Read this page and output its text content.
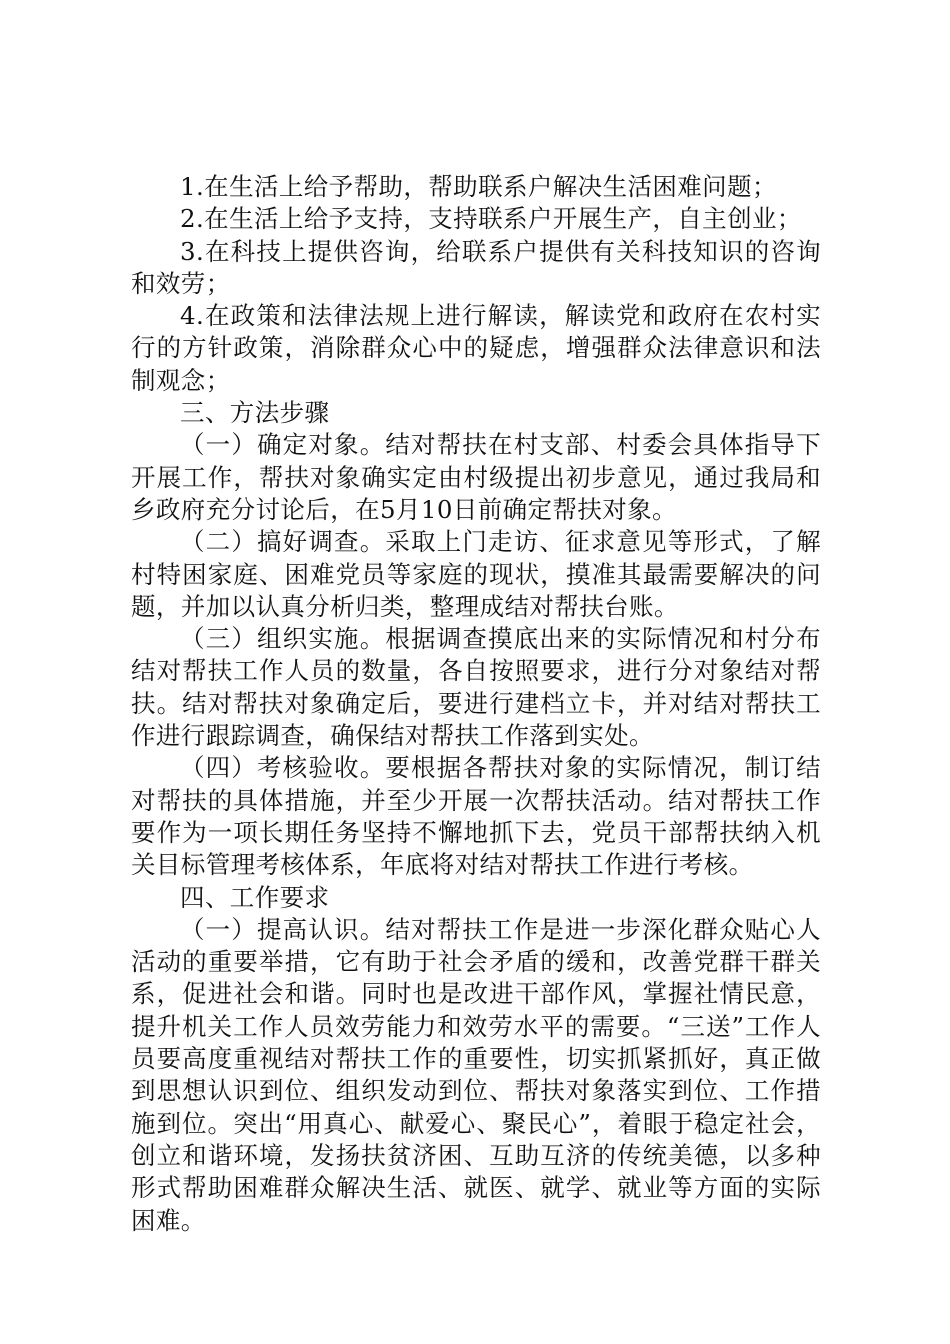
1.在生活上给予帮助，帮助联系户解决生活困难问题；

2.在生活上给予支持，支持联系户开展生产，自主创业；

3.在科技上提供咨询，给联系户提供有关科技知识的咨询和效劳；

4.在政策和法律法规上进行解读，解读党和政府在农村实行的方针政策，消除群众心中的疑虑，增强群众法律意识和法制观念；

三、方法步骤

（一）确定对象。结对帮扶在村支部、村委会具体指导下开展工作，帮扶对象确实定由村级提出初步意见，通过我局和乡政府充分讨论后，在5月10日前确定帮扶对象。

（二）搞好调查。采取上门走访、征求意见等形式，了解村特困家庭、困难党员等家庭的现状，摸准其最需要解决的问题，并加以认真分析归类，整理成结对帮扶台账。

（三）组织实施。根据调查摸底出来的实际情况和村分布结对帮扶工作人员的数量，各自按照要求，进行分对象结对帮扶。结对帮扶对象确定后，要进行建档立卡，并对结对帮扶工作进行跟踪调查，确保结对帮扶工作落到实处。

（四）考核验收。要根据各帮扶对象的实际情况，制订结对帮扶的具体措施，并至少开展一次帮扶活动。结对帮扶工作要作为一项长期任务坚持不懈地抓下去，党员干部帮扶纳入机关目标管理考核体系，年底将对结对帮扶工作进行考核。

四、工作要求

（一）提高认识。结对帮扶工作是进一步深化群众贴心人活动的重要举措，它有助于社会矛盾的缓和，改善党群干群关系，促进社会和谐。同时也是改进干部作风，掌握社情民意，提升机关工作人员效劳能力和效劳水平的需要。“三送”工作人员要高度重视结对帮扶工作的重要性，切实抓紧抓好，真正做到思想认识到位、组织发动到位、帮扶对象落实到位、工作措施到位。突出“用真心、献爱心、聚民心”，着眼于稳定社会，创立和谐环境，发扬扶贫济困、互助互济的传统美德，以多种形式帮助困难群众解决生活、就医、就学、就业等方面的实际困难。
